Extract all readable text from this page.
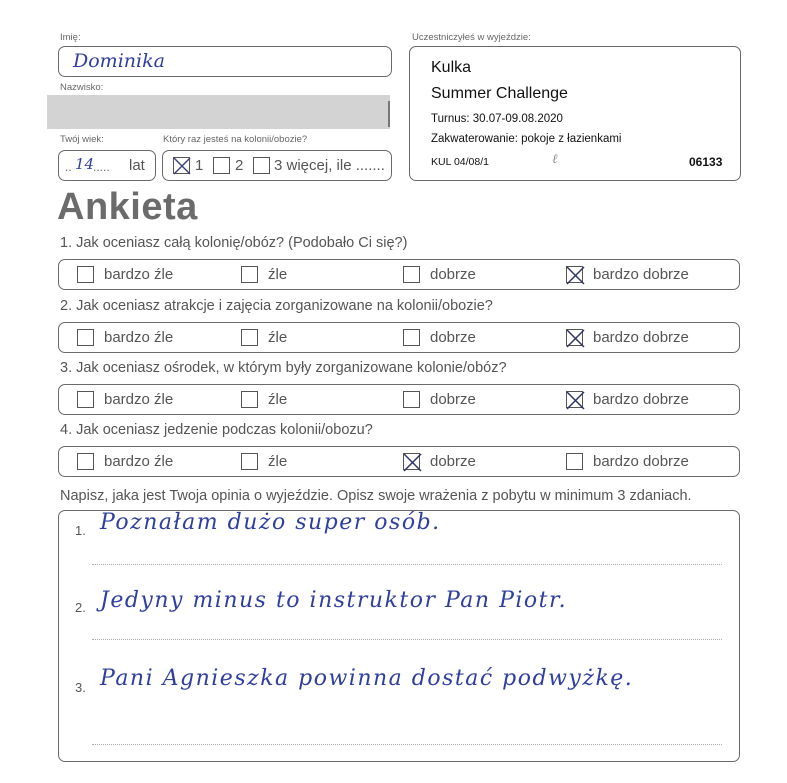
Imię:
Dominika
Nazwisko:
Twój wiek:
.. 14
..... lat
Który raz jesteś na kolonii/obozie?
1 2 3 więcej, ile .......
Uczestniczyłeś w wyjeździe:
Kulka
Summer Challenge
Turnus: 30.07-09.08.2020
Zakwaterowanie: pokoje z łazienkami
KUL 04/08/1	ℓ	06133
Ankieta
1. Jak oceniasz całą kolonię/obóz? (Podobało Ci się?)
bardzo źle	źle	dobrze	bardzo dobrze
2. Jak oceniasz atrakcje i zajęcia zorganizowane na kolonii/obozie?
bardzo źle	źle	dobrze	bardzo dobrze
3. Jak oceniasz ośrodek, w którym były zorganizowane kolonie/obóz?
bardzo źle	źle	dobrze	bardzo dobrze
4. Jak oceniasz jedzenie podczas kolonii/obozu?
bardzo źle	źle	dobrze	bardzo dobrze
Napisz, jaka jest Twoja opinia o wyjeździe. Opisz swoje wrażenia z pobytu w minimum 3 zdaniach.
1. Poznałam dużo super osób.
2. Jedyny minus to instruktor Pan Piotr.
3. Pani Agnieszka powinna dostać podwyżkę.
